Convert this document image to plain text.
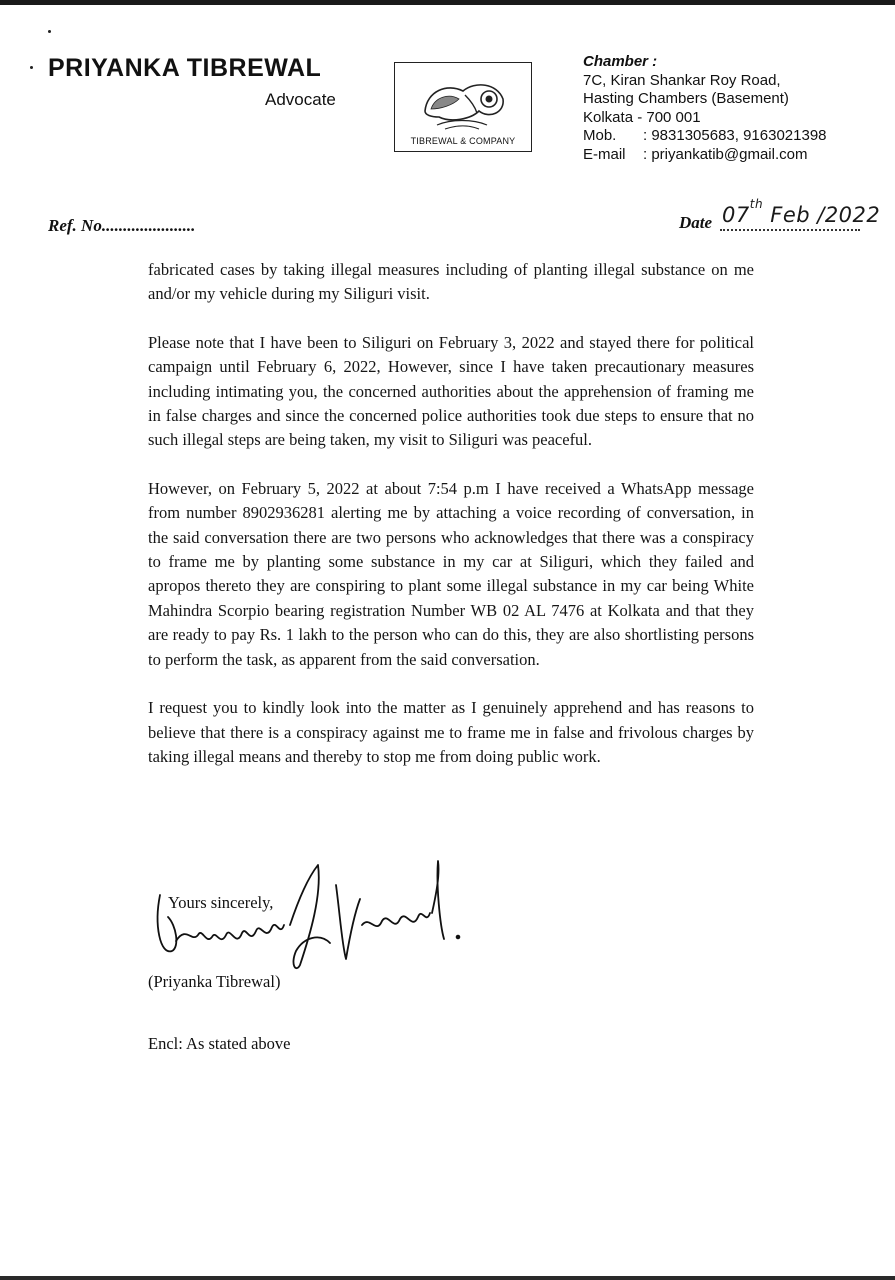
PRIYANKA TIBREWAL
Advocate
TIBREWAL & COMPANY
Chamber :
7C, Kiran Shankar Roy Road,
Hasting Chambers (Basement)
Kolkata - 700 001
Mob.	: 9831305683, 9163021398
E-mail	: priyankatib@gmail.com
Ref. No......................	Date 07th Feb /2022

fabricated cases by taking illegal measures including of planting illegal substance on me and/or my vehicle during my Siliguri visit.

Please note that I have been to Siliguri on February 3, 2022 and stayed there for political campaign until February 6, 2022, However, since I have taken precautionary measures including intimating you, the concerned authorities about the apprehension of framing me in false charges and since the concerned police authorities took due steps to ensure that no such illegal steps are being taken, my visit to Siliguri was peaceful.

However, on February 5, 2022 at about 7:54 p.m I have received a WhatsApp message from number 8902936281 alerting me by attaching a voice recording of conversation, in the said conversation there are two persons who acknowledges that there was a conspiracy to frame me by planting some substance in my car at Siliguri, which they failed and apropos thereto they are conspiring to plant some illegal substance in my car being White Mahindra Scorpio bearing registration Number WB 02 AL 7476 at Kolkata and that they are ready to pay Rs. 1 lakh to the person who can do this, they are also shortlisting persons to perform the task, as apparent from the said conversation.

I request you to kindly look into the matter as I genuinely apprehend and has reasons to believe that there is a conspiracy against me to frame me in false and frivolous charges by taking illegal means and thereby to stop me from doing public work.

Yours sincerely,
(Priyanka Tibrewal)
Encl: As stated above
